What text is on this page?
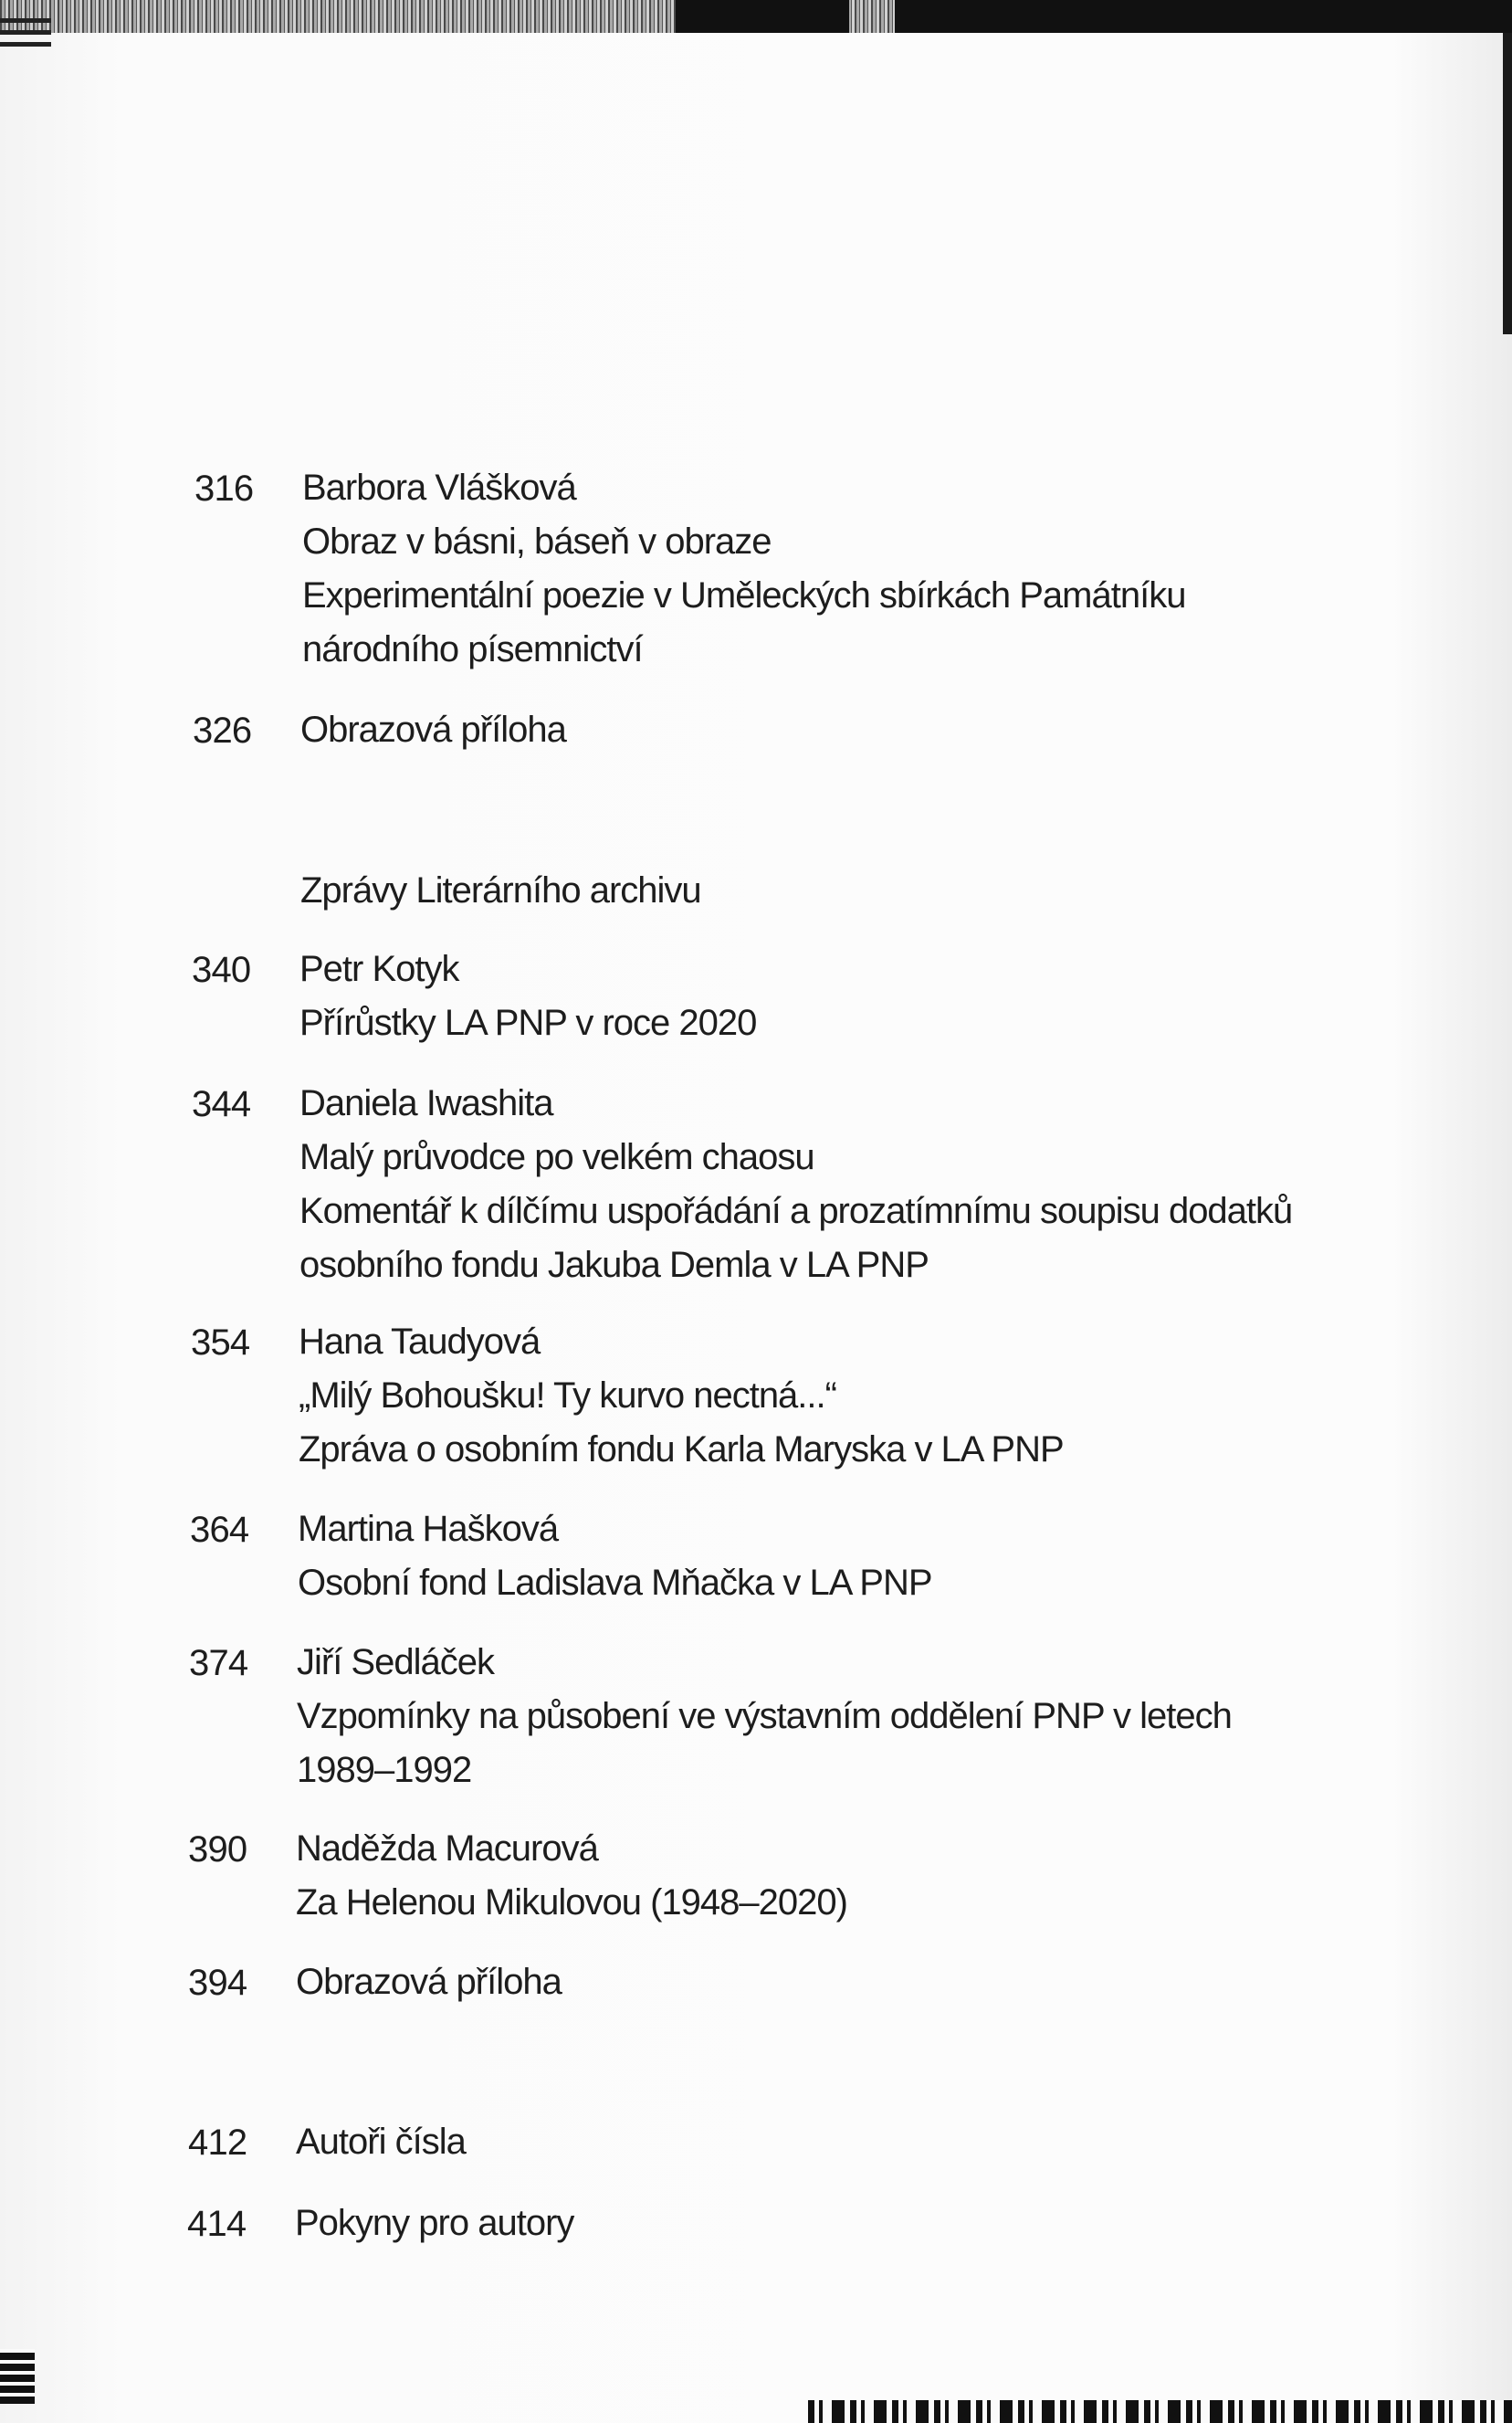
316 Barbora Vlášková
Obraz v básni, báseň v obraze
Experimentální poezie v Uměleckých sbírkách Památníku
národního písemnictví
326 Obrazová příloha
Zprávy Literárního archivu
340 Petr Kotyk
Přírůstky LA PNP v roce 2020
344 Daniela Iwashita
Malý průvodce po velkém chaosu
Komentář k dílčímu uspořádání a prozatímnímu soupisu dodatků
osobního fondu Jakuba Demla v LA PNP
354 Hana Taudyová
„Milý Bohoušku! Ty kurvo nectná...“
Zpráva o osobním fondu Karla Maryska v LA PNP
364 Martina Hašková
Osobní fond Ladislava Mňačka v LA PNP
374 Jiří Sedláček
Vzpomínky na působení ve výstavním oddělení PNP v letech
1989–1992
390 Naděžda Macurová
Za Helenou Mikulovou (1948–2020)
394 Obrazová příloha
412 Autoři čísla
414 Pokyny pro autory
